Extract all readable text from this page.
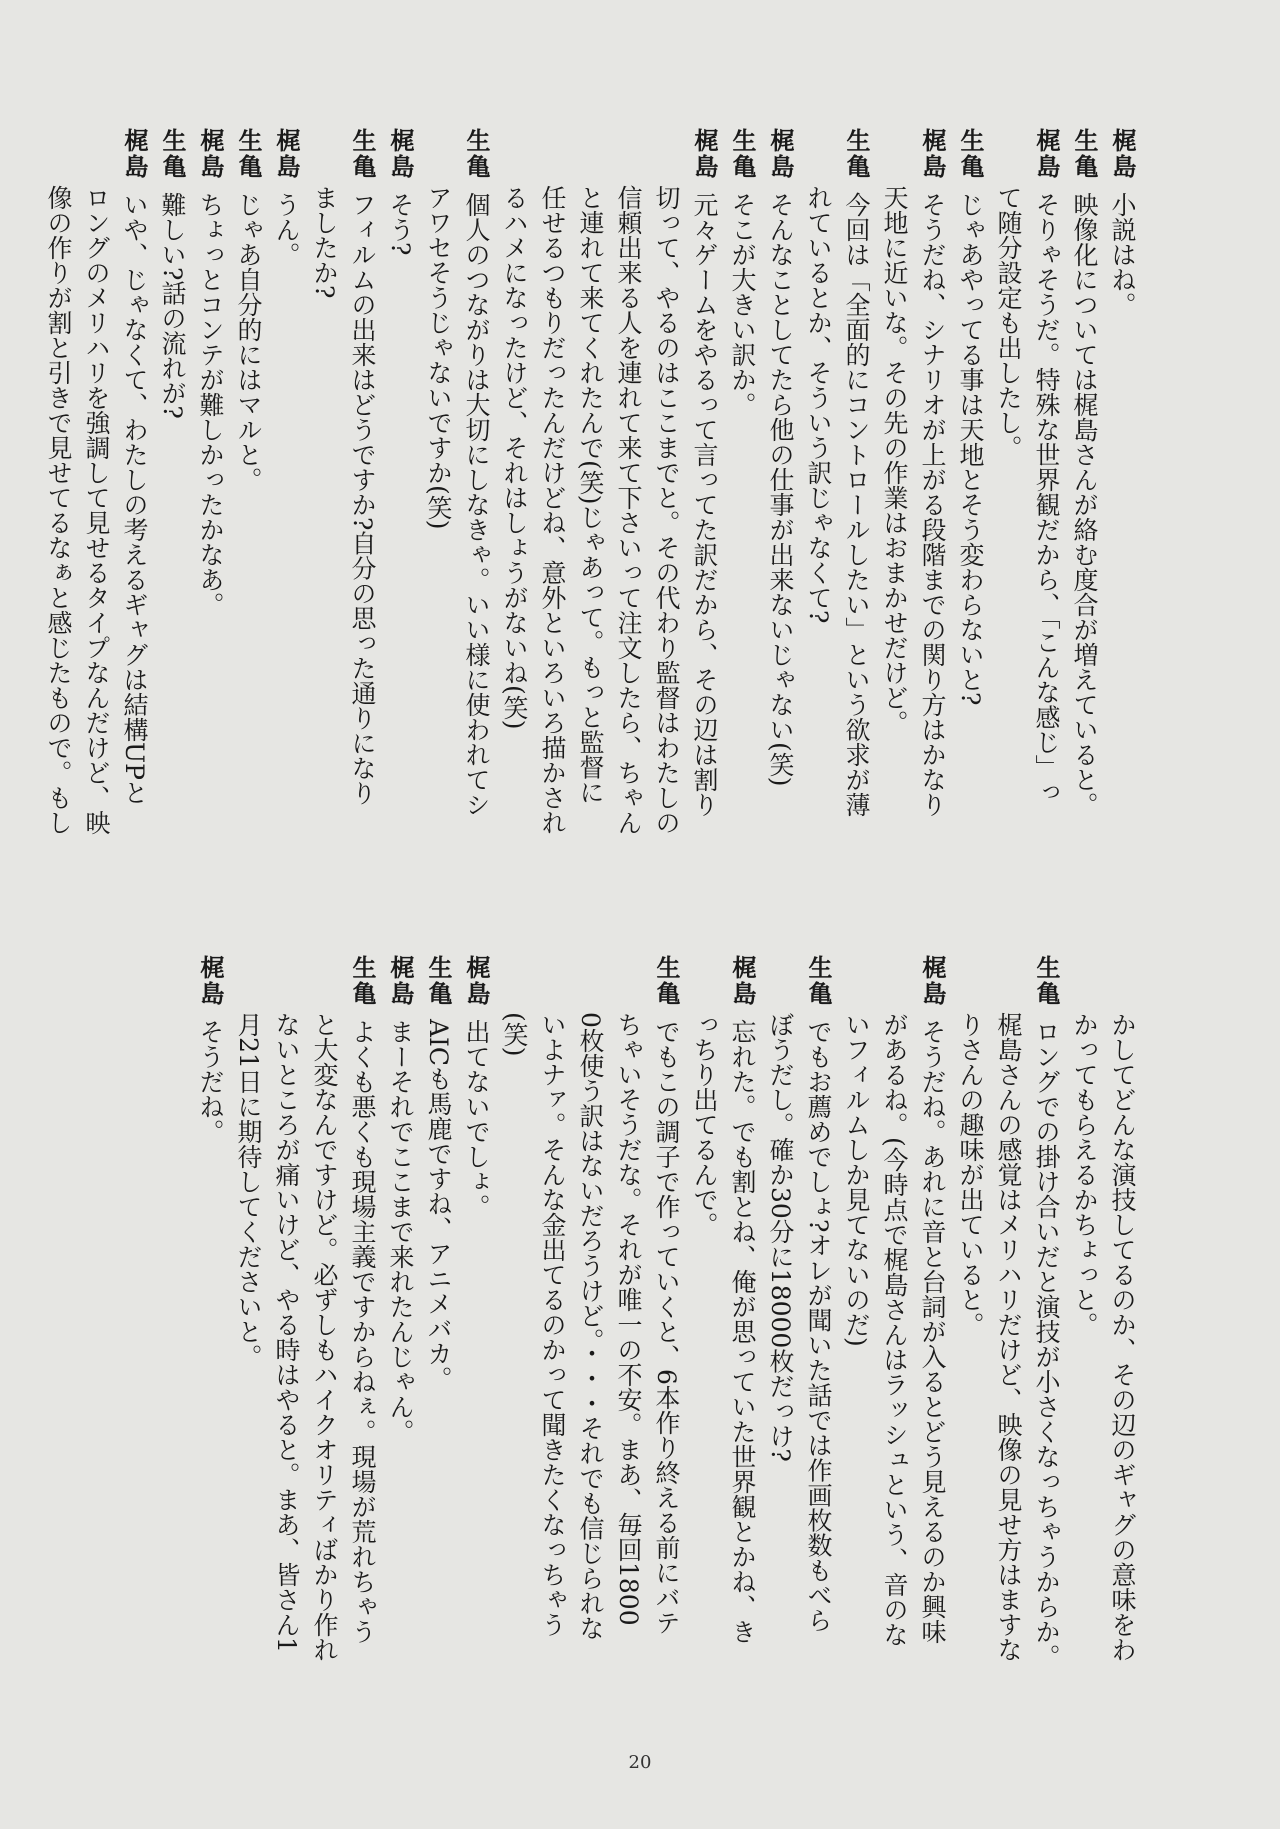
梶島
小説はね。
生亀
映像化については梶島さんが絡む度合が増えていると。
梶島
そりゃそうだ。特殊な世界観だから、「こんな感じ」っ
て随分設定も出したし。
生亀
じゃあやってる事は天地とそう変わらないと?
梶島
そうだね、シナリオが上がる段階までの関り方はかなり
天地に近いな。その先の作業はおまかせだけど。
生亀
今回は「全面的にコントロールしたい」という欲求が薄
れているとか、そういう訳じゃなくて?
梶島
そんなことしてたら他の仕事が出来ないじゃない(笑)
生亀
そこが大きい訳か。
梶島
元々ゲームをやるって言ってた訳だから、その辺は割り
切って、やるのはここまでと。その代わり監督はわたしの
信頼出来る人を連れて来て下さいって注文したら、ちゃん
と連れて来てくれたんで(笑)じゃあって。もっと監督に
任せるつもりだったんだけどね、意外といろいろ描かされ
るハメになったけど、それはしょうがないね(笑)
生亀
個人のつながりは大切にしなきゃ。いい様に使われてシ
アワセそうじゃないですか(笑)
梶島
そう?
生亀
フィルムの出来はどうですか?自分の思った通りになり
ましたか?
梶島
うん。
生亀
じゃあ自分的にはマルと。
梶島
ちょっとコンテが難しかったかなあ。
生亀
難しい?話の流れが?
梶島
いや、じゃなくて、わたしの考えるギャグは結構UPと
ロングのメリハリを強調して見せるタイプなんだけど、映
像の作りが割と引きで見せてるなぁと感じたもので。もし
かしてどんな演技してるのか、その辺のギャグの意味をわ
かってもらえるかちょっと。
生亀
ロングでの掛け合いだと演技が小さくなっちゃうからか。
梶島さんの感覚はメリハリだけど、映像の見せ方はますな
りさんの趣味が出ていると。
梶島
そうだね。あれに音と台詞が入るとどう見えるのか興味
があるね。(今時点で梶島さんはラッシュという、音のな
いフィルムしか見てないのだ)
生亀
でもお薦めでしょ?オレが聞いた話では作画枚数もべら
ぼうだし。確か30分に18000枚だっけ?
梶島
忘れた。でも割とね、俺が思っていた世界観とかね、き
っちり出てるんで。
生亀
でもこの調子で作っていくと、6本作り終える前にバテ
ちゃいそうだな。それが唯一の不安。まあ、毎回1800
0枚使う訳はないだろうけど。・・・それでも信じられな
いよナァ。そんな金出てるのかって聞きたくなっちゃう
(笑)
梶島
出てないでしょ。
生亀
AICも馬鹿ですね、アニメバカ。
梶島
まーそれでここまで来れたんじゃん。
生亀
よくも悪くも現場主義ですからねぇ。現場が荒れちゃう
と大変なんですけど。必ずしもハイクオリティばかり作れ
ないところが痛いけど、やる時はやると。まあ、皆さん1
月21日に期待してくださいと。
梶島
そうだね。
20
